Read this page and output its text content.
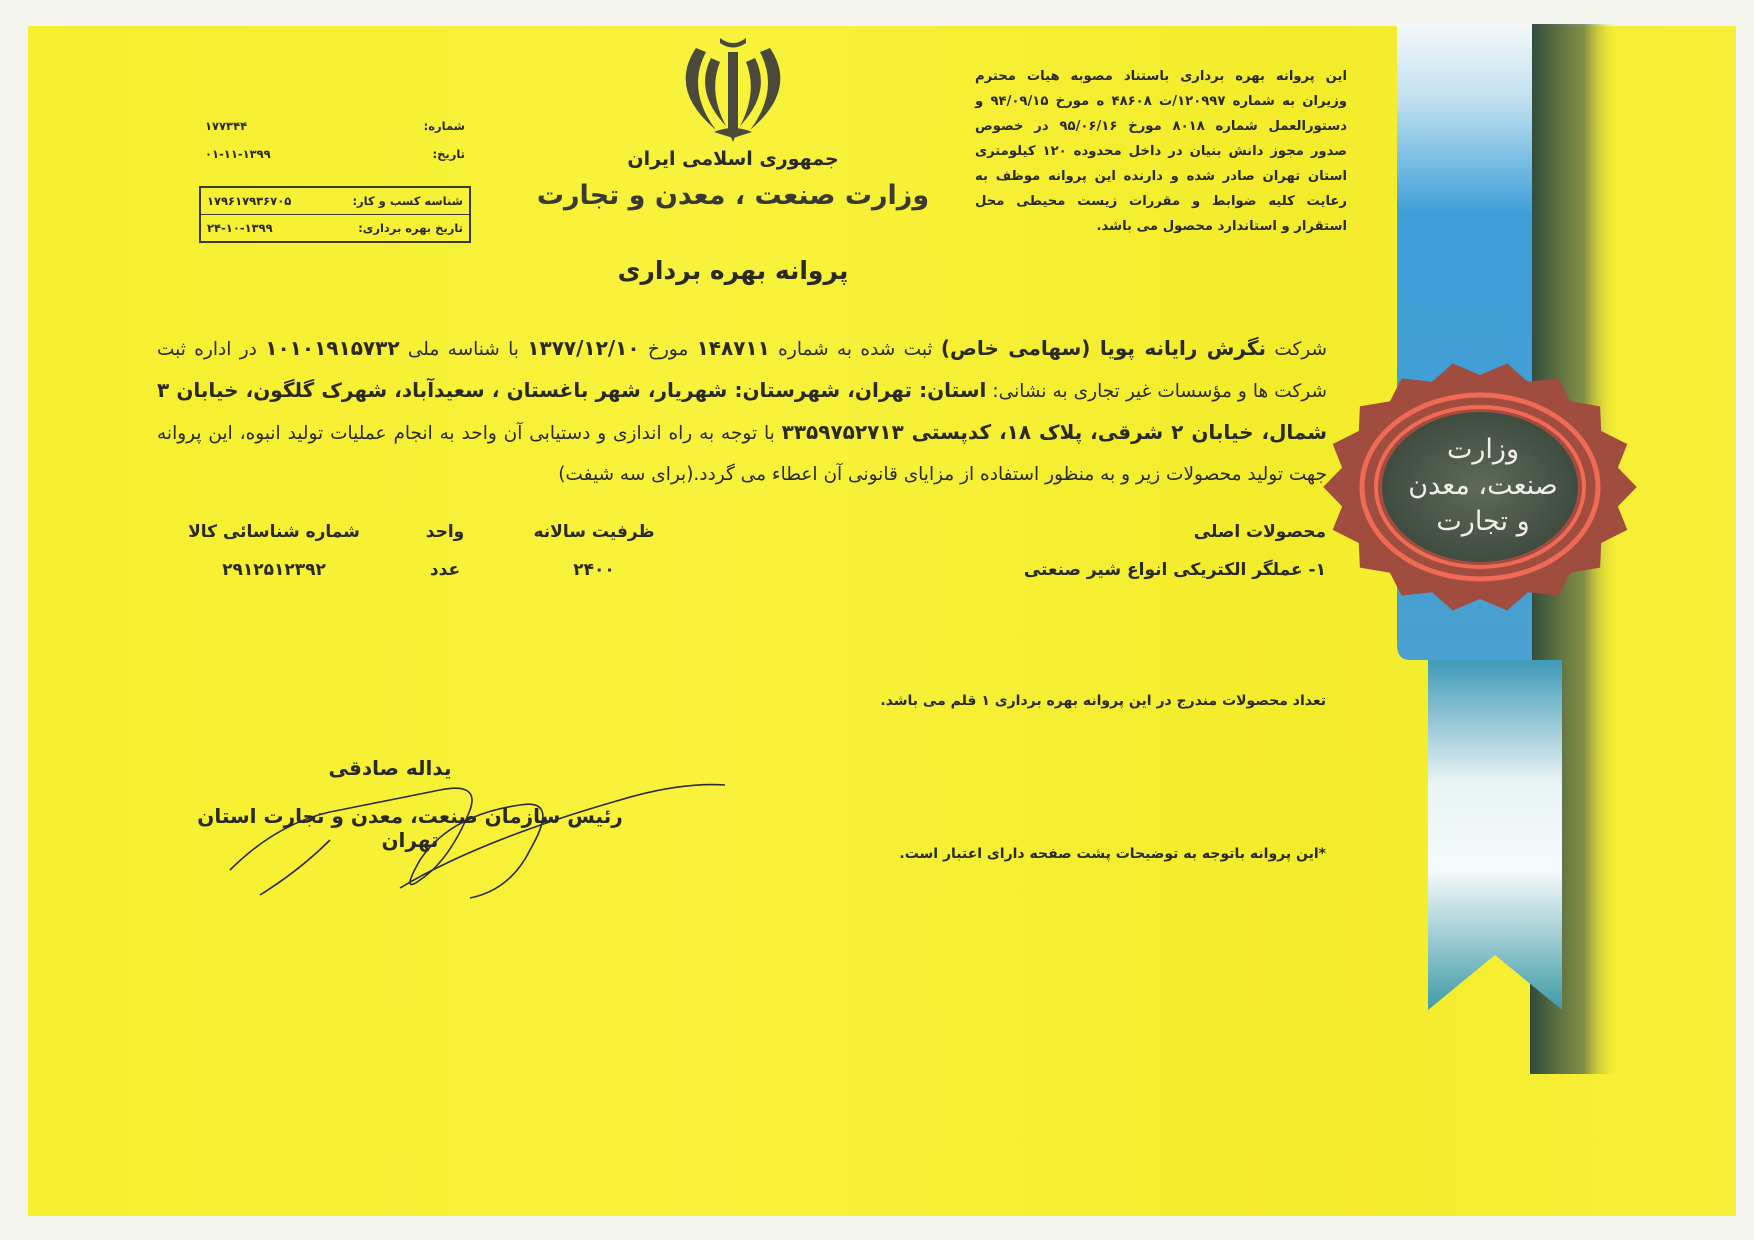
وزارت
صنعت، معدن
و تجارت
جمهوری اسلامی ایران
وزارت صنعت ، معدن و تجارت
پروانه بهره برداری
این پروانه بهره برداری باستناد مصوبه هیات محترم وزیران به شماره ۱۲۰۹۹۷/ت ۴۸۶۰۸ ه مورخ ۹۴/۰۹/۱۵ و دستورالعمل شماره ۸۰۱۸ مورخ ۹۵/۰۶/۱۶ در خصوص صدور مجوز دانش بنیان در داخل محدوده ۱۲۰ کیلومتری استان تهران صادر شده و دارنده این پروانه موظف به رعایت کلیه ضوابط و مقررات زیست محیطی محل استقرار و استاندارد محصول می باشد.
شماره:
۱۷۷۳۴۴
تاریخ:
۰۱-۱۱-۱۳۹۹
شناسه کسب و کار:
۱۷۹۶۱۷۹۳۶۷۰۵
تاریخ بهره برداری:
۲۴-۱۰-۱۳۹۹
شرکت نگرش رایانه پویا (سهامی خاص) ثبت شده به شماره ۱۴۸۷۱۱ مورخ ۱۳۷۷/۱۲/۱۰ با شناسه ملی ۱۰۱۰۱۹۱۵۷۳۲ در اداره ثبت شرکت ها و مؤسسات غیر تجاری به نشانی: استان: تهران، شهرستان: شهریار، شهر باغستان ، سعیدآباد، شهرک گلگون، خیابان ۳ شمال، خیابان ۲ شرقی، پلاک ۱۸، کدپستی ۳۳۵۹۷۵۲۷۱۳ با توجه به راه اندازی و دستیابی آن واحد به انجام عملیات تولید انبوه، این پروانه جهت تولید محصولات زیر و به منظور استفاده از مزایای قانونی آن اعطاء می گردد.(برای سه شیفت)
محصولات اصلی
ظرفیت سالانه
واحد
شماره شناسائی کالا
۱- عملگر الکتریکی انواع شیر صنعتی
۲۴۰۰
عدد
۲۹۱۲۵۱۲۳۹۲
تعداد محصولات مندرج در این پروانه بهره برداری ۱ قلم می باشد.
یداله صادقی
رئیس سازمان صنعت، معدن و تجارت استان تهران
*این پروانه باتوجه به توضیحات پشت صفحه دارای اعتبار است.
